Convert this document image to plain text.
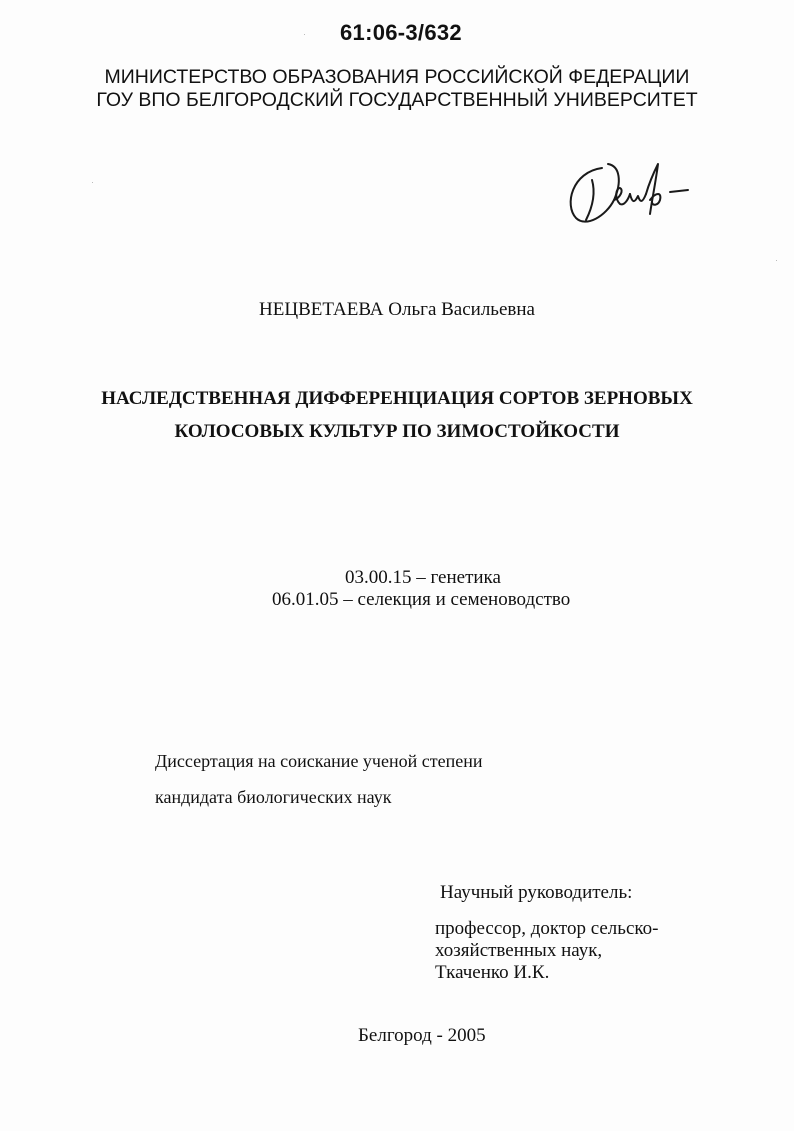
61:06-3/632
МИНИСТЕРСТВО ОБРАЗОВАНИЯ РОССИЙСКОЙ ФЕДЕРАЦИИ
ГОУ ВПО БЕЛГОРОДСКИЙ ГОСУДАРСТВЕННЫЙ УНИВЕРСИТЕТ
НЕЦВЕТАЕВА Ольга Васильевна
НАСЛЕДСТВЕННАЯ ДИФФЕРЕНЦИАЦИЯ СОРТОВ ЗЕРНОВЫХ
КОЛОСОВЫХ КУЛЬТУР ПО ЗИМОСТОЙКОСТИ
03.00.15 – генетика
06.01.05 – селекция и семеноводство
Диссертация на соискание ученой степени
кандидата биологических наук
Научный руководитель:
профессор, доктор сельско-
хозяйственных наук,
Ткаченко И.К.
Белгород - 2005
